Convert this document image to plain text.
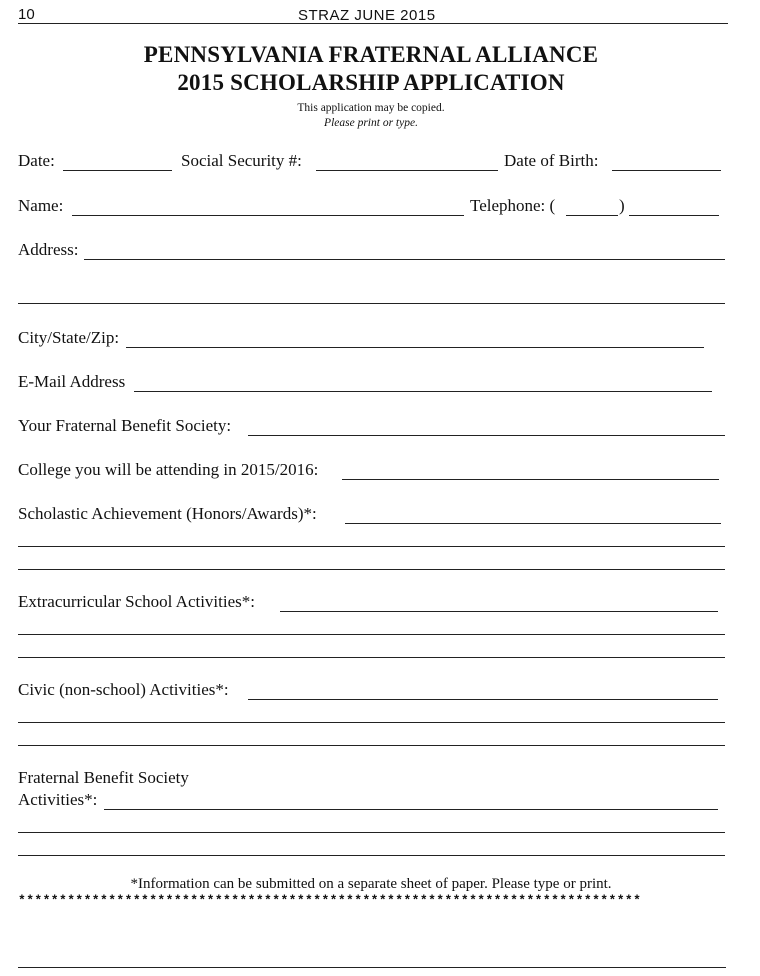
10	STRAZ JUNE 2015
PENNSYLVANIA FRATERNAL ALLIANCE
2015 SCHOLARSHIP APPLICATION
This application may be copied.
Please print or type.
Date:	Social Security #:	Date of Birth:
Name:	Telephone: (	)
Address:
City/State/Zip:
E-Mail Address
Your Fraternal Benefit Society:
College you will be attending in 2015/2016:
Scholastic Achievement (Honors/Awards)*:
Extracurricular School Activities*:
Civic (non-school) Activities*:
Fraternal Benefit Society
Activities*:
*Information can be submitted on a separate sheet of paper. Please type or print.
****************************************************************************
